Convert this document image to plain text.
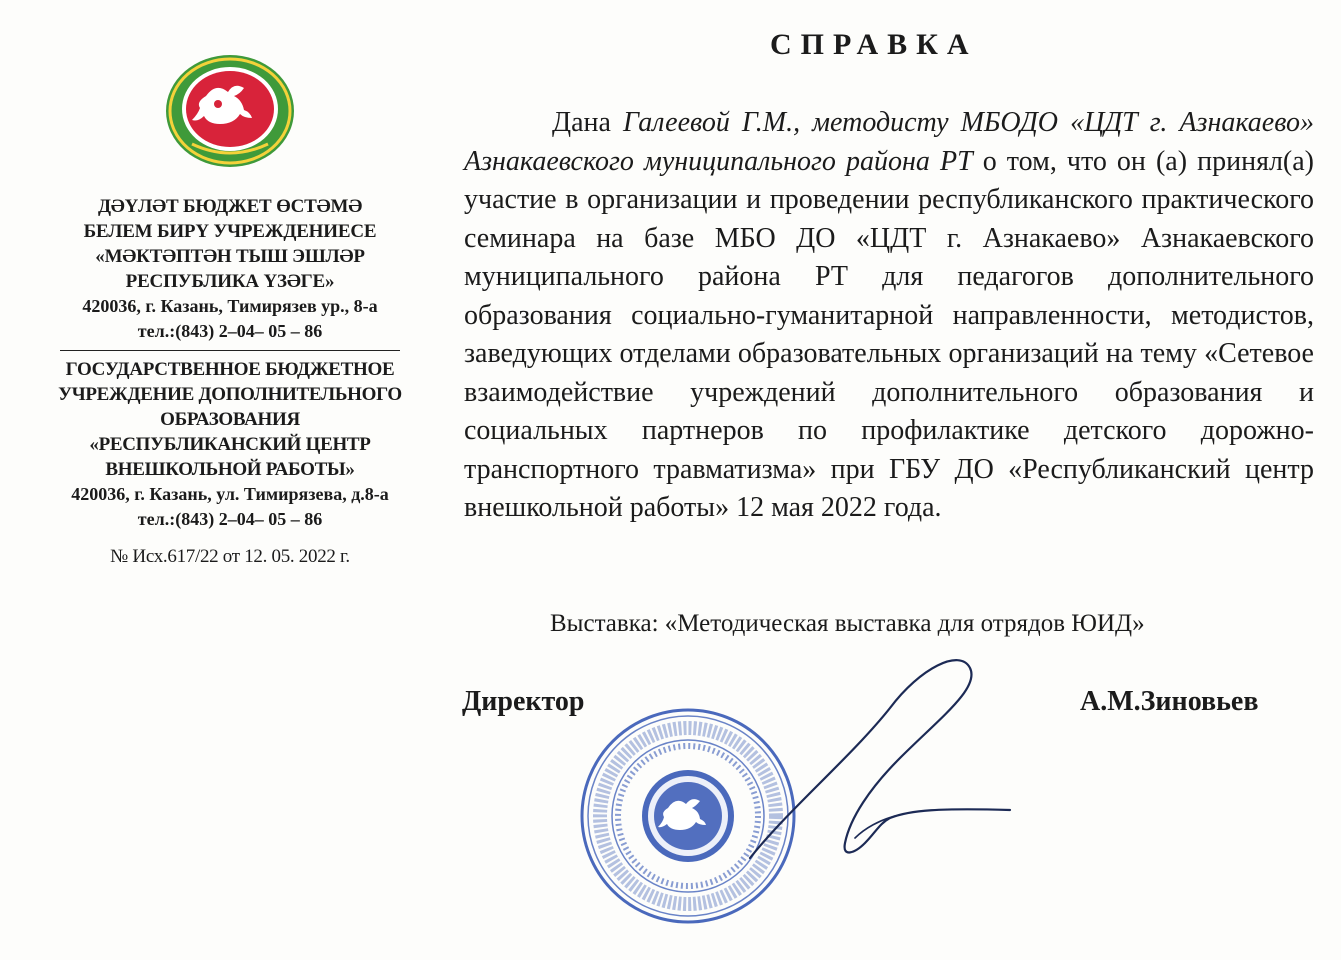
ДӘҮЛӘТ БЮДЖЕТ ӨСТӘМӘ
БЕЛЕМ БИРҮ УЧРЕЖДЕНИЕСЕ
«МӘКТӘПТӘН ТЫШ ЭШЛӘР
РЕСПУБЛИКА ҮЗӘГЕ»
420036, г. Казань, Тимирязев ур., 8-а
тел.:(843) 2–04– 05 – 86
ГОСУДАРСТВЕННОЕ БЮДЖЕТНОЕ
УЧРЕЖДЕНИЕ ДОПОЛНИТЕЛЬНОГО
ОБРАЗОВАНИЯ
«РЕСПУБЛИКАНСКИЙ ЦЕНТР
ВНЕШКОЛЬНОЙ РАБОТЫ»
420036, г. Казань, ул. Тимирязева, д.8-а
тел.:(843) 2–04– 05 – 86
№ Исх.617/22 от 12. 05. 2022 г.
СПРАВКА

Дана Галеевой Г.М., методисту МБОДО «ЦДТ г. Азнакаево» Азнакаевского муниципального района РТ о том, что он (а) принял(а) участие в организации и проведении республиканского практического семинара на базе МБО ДО «ЦДТ г. Азнакаево» Азнакаевского муниципального района РТ для педагогов дополнительного образования социально-гуманитарной направленности, методистов, заведующих отделами образовательных организаций на тему «Сетевое взаимодействие учреждений дополнительного образования и социальных партнеров по профилактике детского дорожно-транспортного травматизма» при ГБУ ДО «Республиканский центр внешкольной работы» 12 мая 2022 года.

Выставка: «Методическая выставка для отрядов ЮИД»
Директор	А.М.Зиновьев
